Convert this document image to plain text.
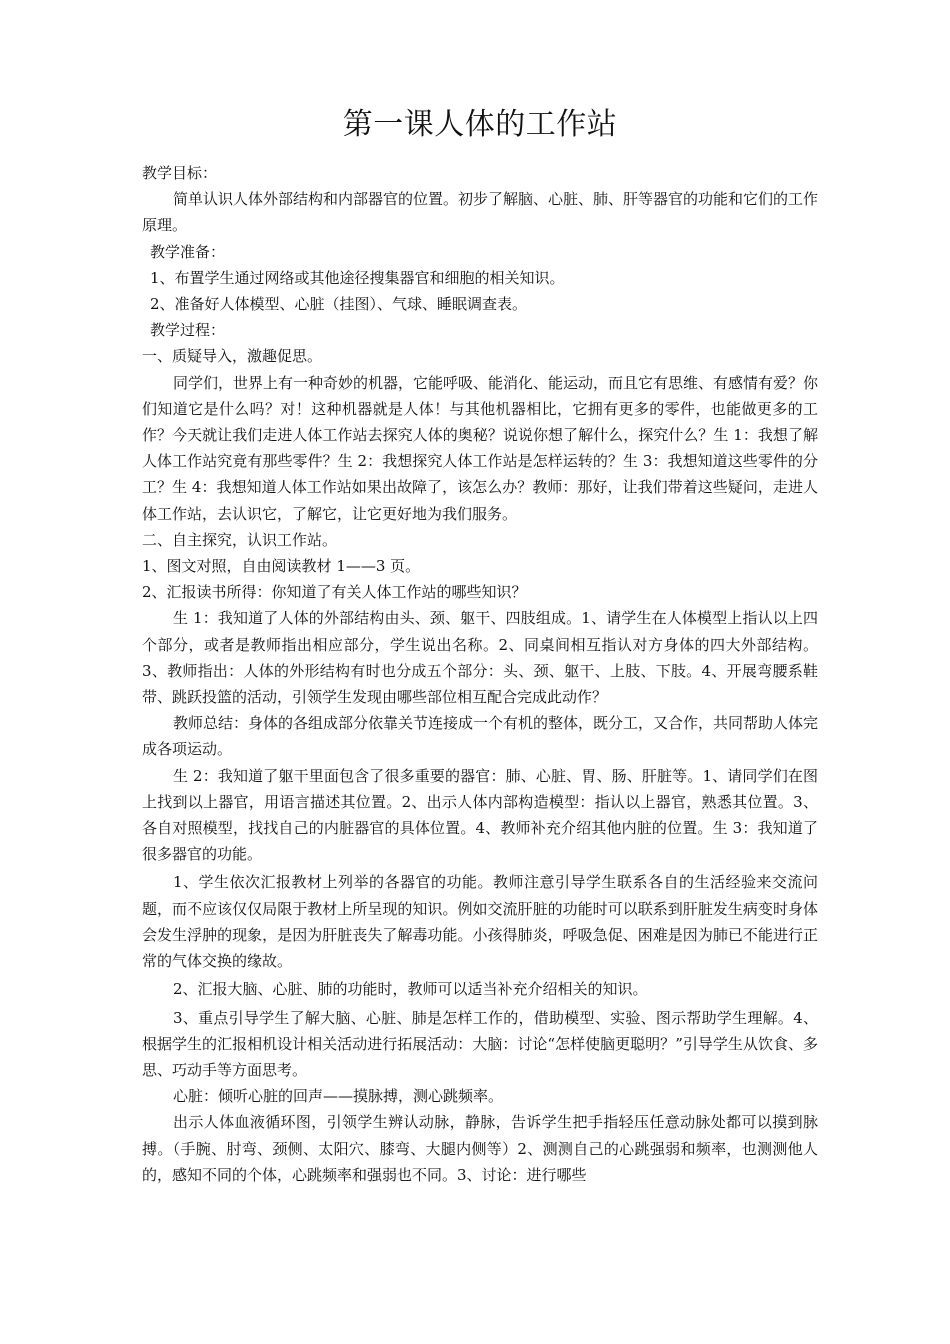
第一课人体的工作站

教学目标：

简单认识人体外部结构和内部器官的位置。初步了解脑、心脏、肺、肝等器官的功能和它们的工作原理。

教学准备：

1、布置学生通过网络或其他途径搜集器官和细胞的相关知识。

2、准备好人体模型、心脏（挂图）、气球、睡眠调查表。

教学过程：

一、质疑导入，激趣促思。

同学们，世界上有一种奇妙的机器，它能呼吸、能消化、能运动，而且它有思维、有感情有爱？你们知道它是什么吗？对！这种机器就是人体！与其他机器相比，它拥有更多的零件，也能做更多的工作？今天就让我们走进人体工作站去探究人体的奥秘？说说你想了解什么，探究什么？生 1：我想了解人体工作站究竟有那些零件？生 2：我想探究人体工作站是怎样运转的？生 3：我想知道这些零件的分工？生 4：我想知道人体工作站如果出故障了，该怎么办？教师：那好，让我们带着这些疑问，走进人体工作站，去认识它，了解它，让它更好地为我们服务。

二、自主探究，认识工作站。

1、图文对照，自由阅读教材 1——3 页。

2、汇报读书所得：你知道了有关人体工作站的哪些知识？

生 1：我知道了人体的外部结构由头、颈、躯干、四肢组成。1、请学生在人体模型上指认以上四个部分，或者是教师指出相应部分，学生说出名称。2、同桌间相互指认对方身体的四大外部结构。3、教师指出：人体的外形结构有时也分成五个部分：头、颈、躯干、上肢、下肢。4、开展弯腰系鞋带、跳跃投篮的活动，引领学生发现由哪些部位相互配合完成此动作？

教师总结：身体的各组成部分依靠关节连接成一个有机的整体，既分工，又合作，共同帮助人体完成各项运动。

生 2：我知道了躯干里面包含了很多重要的器官：肺、心脏、胃、肠、肝脏等。1、请同学们在图上找到以上器官，用语言描述其位置。2、出示人体内部构造模型：指认以上器官，熟悉其位置。3、各自对照模型，找找自己的内脏器官的具体位置。4、教师补充介绍其他内脏的位置。生 3：我知道了很多器官的功能。

1、学生依次汇报教材上列举的各器官的功能。教师注意引导学生联系各自的生活经验来交流问题，而不应该仅仅局限于教材上所呈现的知识。例如交流肝脏的功能时可以联系到肝脏发生病变时身体会发生浮肿的现象，是因为肝脏丧失了解毒功能。小孩得肺炎，呼吸急促、困难是因为肺已不能进行正常的气体交换的缘故。

2、汇报大脑、心脏、肺的功能时，教师可以适当补充介绍相关的知识。

3、重点引导学生了解大脑、心脏、肺是怎样工作的，借助模型、实验、图示帮助学生理解。4、根据学生的汇报相机设计相关活动进行拓展活动：大脑：讨论“怎样使脑更聪明？”引导学生从饮食、多思、巧动手等方面思考。

心脏：倾听心脏的回声——摸脉搏，测心跳频率。

出示人体血液循环图，引领学生辨认动脉，静脉，告诉学生把手指轻压任意动脉处都可以摸到脉搏。（手腕、肘弯、颈侧、太阳穴、膝弯、大腿内侧等）2、测测自己的心跳强弱和频率，也测测他人的，感知不同的个体，心跳频率和强弱也不同。3、讨论：进行哪些
